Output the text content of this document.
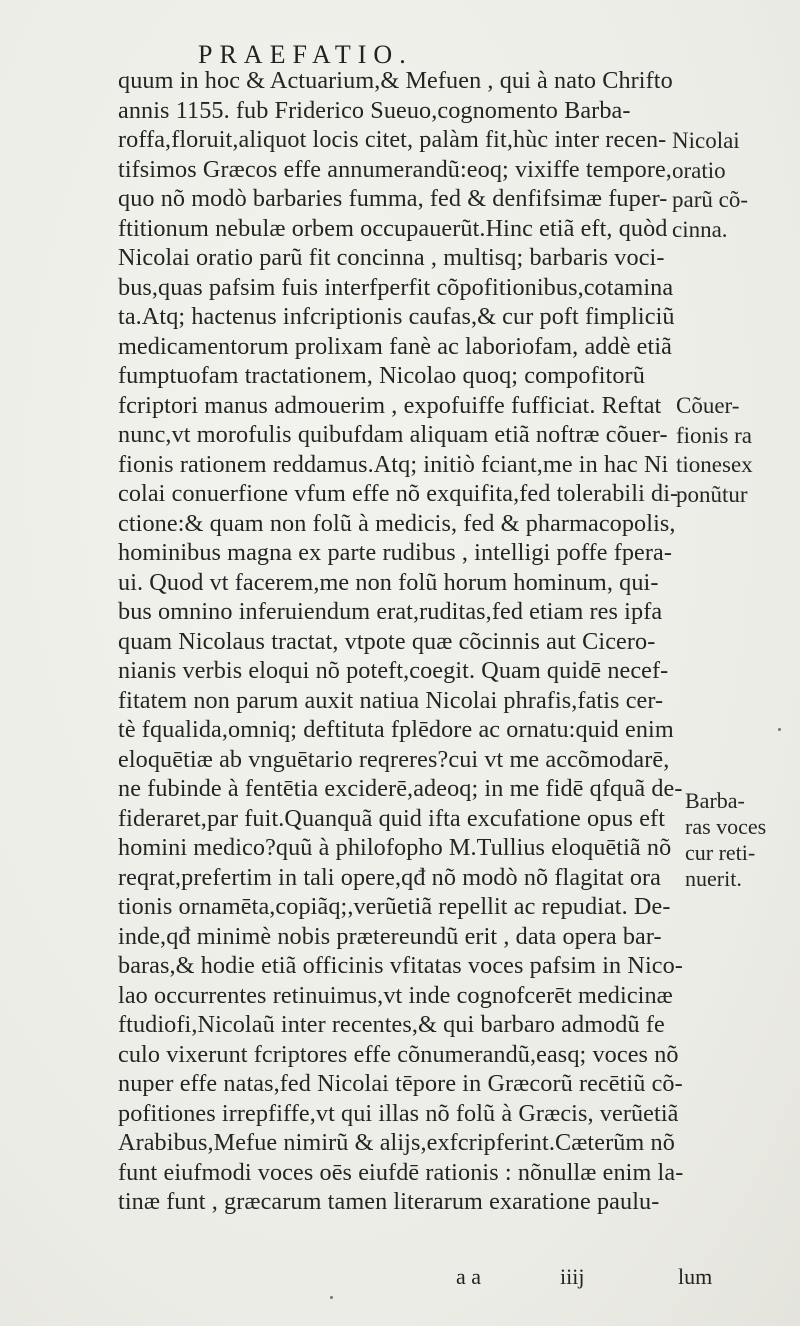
PRAEFATIO.
quum in hoc & Actuarium,& Mefuen , qui à nato Chrifto
annis 1155. fub Friderico Sueuo,cognomento Barba-
roffa,floruit,aliquot locis citet, palàm fit,hùc inter recen-
tifsimos Græcos effe annumerandũ:eoq; vixiffe tempore,
quo nõ modò barbaries fumma, fed & denfifsimæ fuper-
ftitionum nebulæ orbem occupauerũt.Hinc etiã eft, quòd
Nicolai oratio parũ fit concinna , multisq; barbaris voci-
bus,quas pafsim fuis interfperfit cõpofitionibus,cotamina
ta.Atq; hactenus infcriptionis caufas,& cur poft fimpliciũ
medicamentorum prolixam fanè ac laboriofam, addè etiã
fumptuofam tractationem, Nicolao quoq; compofitorũ
fcriptori manus admouerim , expofuiffe fufficiat. Reftat
nunc,vt morofulis quibufdam aliquam etiã noftræ cõuer-
fionis rationem reddamus.Atq; initiò fciant,me in hac Ni
colai conuerfione vfum effe nõ exquifita,fed tolerabili di-
ctione:& quam non folũ à medicis, fed & pharmacopolis,
hominibus magna ex parte rudibus , intelligi poffe fpera-
ui. Quod vt facerem,me non folũ horum hominum, qui-
bus omnino inferuiendum erat,ruditas,fed etiam res ipfa
quam Nicolaus tractat, vtpote quæ cõcinnis aut Cicero-
nianis verbis eloqui nõ poteft,coegit. Quam quidē necef-
fitatem non parum auxit natiua Nicolai phrafis,fatis cer-
tè fqualida,omniq; deftituta fplēdore ac ornatu:quid enim
eloquētiæ ab vnguētario reqreres?cui vt me accõmodarē,
ne fubinde à fentētia exciderē,adeoq; in me fidē qfquã de-
fideraret,par fuit.Quanquã quid ifta excufatione opus eft
homini medico?quũ à philofopho M.Tullius eloquētiã nõ
reqrat,prefertim in tali opere,qđ nõ modò nõ flagitat ora
tionis ornamēta,copiãq;,verũetiã repellit ac repudiat. De-
inde,qđ minimè nobis prætereundũ erit , data opera bar-
baras,& hodie etiã officinis vfitatas voces pafsim in Nico-
lao occurrentes retinuimus,vt inde cognofcerēt medicinæ
ftudiofi,Nicolaũ inter recentes,& qui barbaro admodũ fe
culo vixerunt fcriptores effe cõnumerandũ,easq; voces nõ
nuper effe natas,fed Nicolai tēpore in Græcorũ recētiũ cõ-
pofitiones irrepfiffe,vt qui illas nõ folũ à Græcis, verũetiã
Arabibus,Mefue nimirũ & alijs,exfcripferint.Cæterũm nõ
funt eiufmodi voces oēs eiufdē rationis : nõnullæ enim la-
tinæ funt , græcarum tamen literarum exaratione paulu-
Nicolai
oratio
parũ cõ-
cinna.
Cõuer-
fionis ra
tionesex
ponũtur
Barba-
ras voces
cur reti-
nuerit.
a a	iiij	lum
